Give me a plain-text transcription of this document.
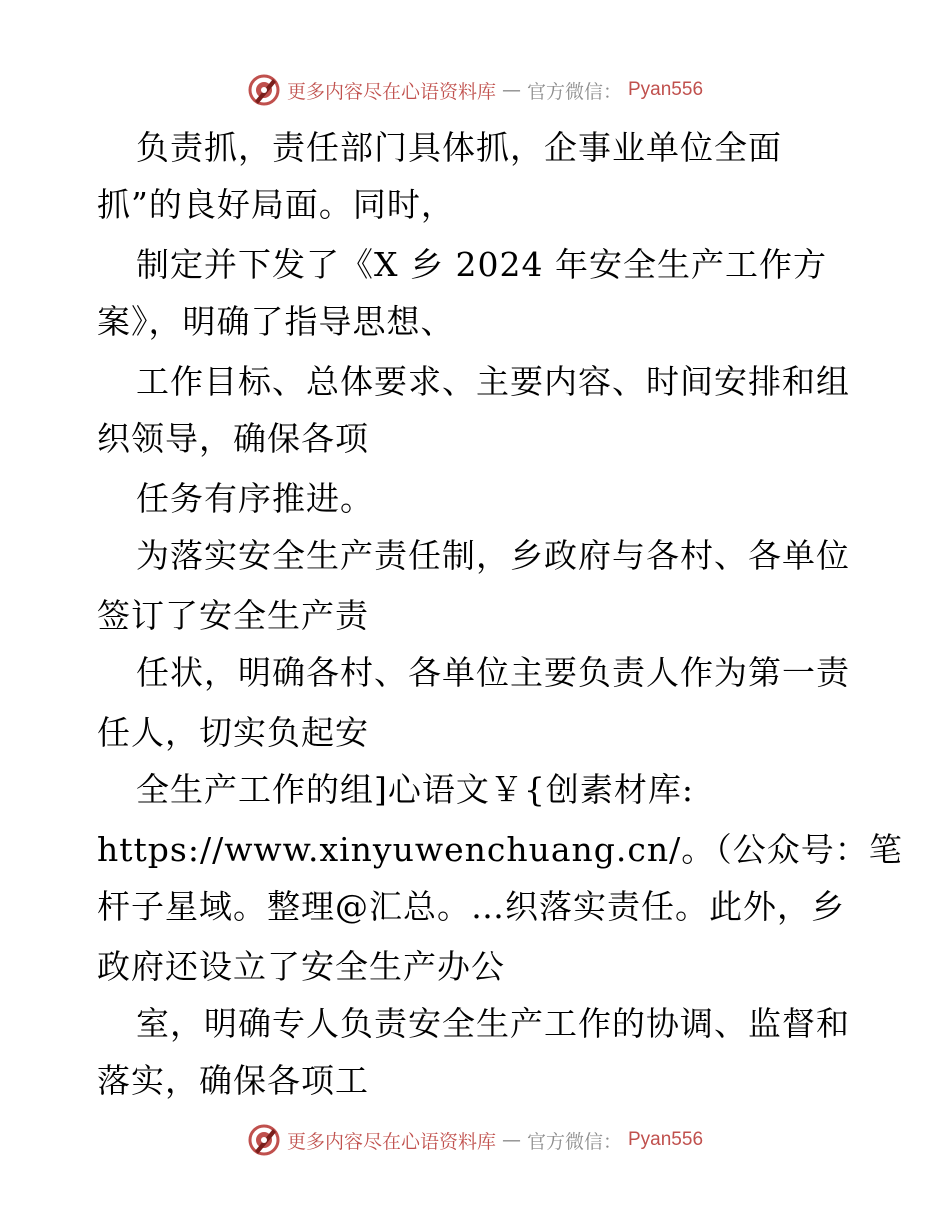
更多内容尽在心语资料库 — 官方微信： Pyan556
负责抓，责任部门具体抓，企事业单位全面
抓”的良好局面。同时，
制定并下发了《X 乡 2024 年安全生产工作方
案》，明确了指导思想、
工作目标、总体要求、主要内容、时间安排和组
织领导，确保各项
任务有序推进。
为落实安全生产责任制，乡政府与各村、各单位
签订了安全生产责
任状，明确各村、各单位主要负责人作为第一责
任人，切实负起安
全生产工作的组]心语文￥{创素材库:
https://www.xinyuwenchuang.cn/。（公众号：笔
杆子星域。整理@汇总。…织落实责任。此外，乡
政府还设立了安全生产办公
室，明确专人负责安全生产工作的协调、监督和
落实，确保各项工
更多内容尽在心语资料库 — 官方微信： Pyan556
